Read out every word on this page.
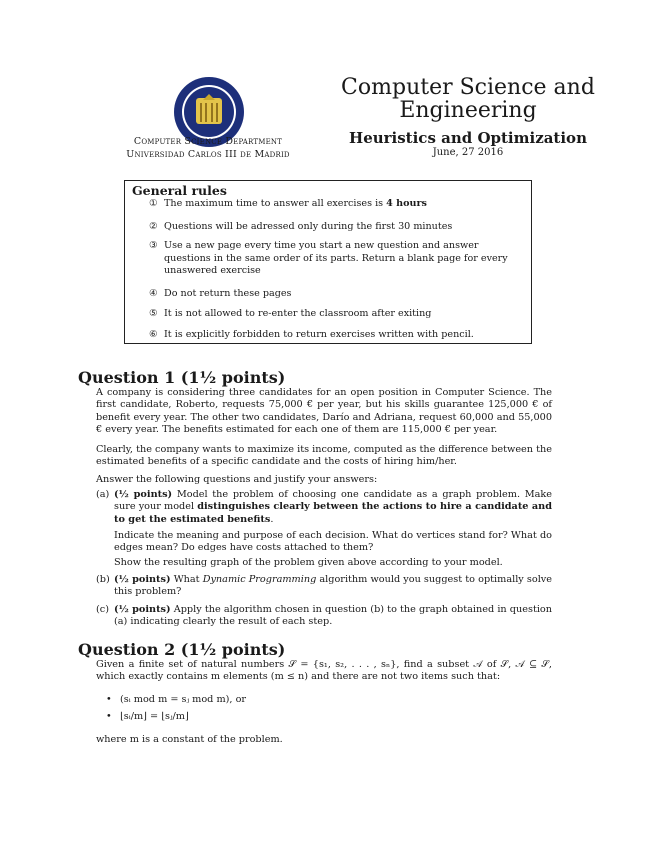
Computer Science Department
Universidad Carlos III de Madrid
Computer Science and Engineering
Heuristics and Optimization
June, 27 2016
General rules
① The maximum time to answer all exercises is 4 hours
② Questions will be adressed only during the first 30 minutes
③ Use a new page every time you start a new question and answer questions in the same order of its parts. Return a blank page for every unaswered exercise
④ Do not return these pages
⑤ It is not allowed to re-enter the classroom after exiting
⑥ It is explicitly forbidden to return exercises written with pencil.
Question 1 (1½ points)
A company is considering three candidates for an open position in Computer Science. The first candidate, Roberto, requests 75,000 € per year, but his skills guarantee 125,000 € of benefit every year. The other two candidates, Darío and Adriana, request 60,000 and 55,000 € every year. The benefits estimated for each one of them are 115,000 € per year.
Clearly, the company wants to maximize its income, computed as the difference between the estimated benefits of a specific candidate and the costs of hiring him/her.
Answer the following questions and justify your answers:
(a) (½ points) Model the problem of choosing one candidate as a graph problem. Make sure your model distinguishes clearly between the actions to hire a candidate and to get the estimated benefits.
Indicate the meaning and purpose of each decision. What do vertices stand for? What do edges mean? Do edges have costs attached to them?
Show the resulting graph of the problem given above according to your model.
(b) (½ points) What Dynamic Programming algorithm would you suggest to optimally solve this problem?
(c) (½ points) Apply the algorithm chosen in question (b) to the graph obtained in question (a) indicating clearly the result of each step.
Question 2 (1½ points)
Given a finite set of natural numbers 𝒮 = {s₁, s₂, . . . , sₙ}, find a subset 𝒜 of 𝒮, 𝒜 ⊆ 𝒮, which exactly contains m elements (m ≤ n) and there are not two items such that:
• (sᵢ mod m = sⱼ mod m), or
• ⌊sᵢ/m⌋ = ⌊sⱼ/m⌋
where m is a constant of the problem.
